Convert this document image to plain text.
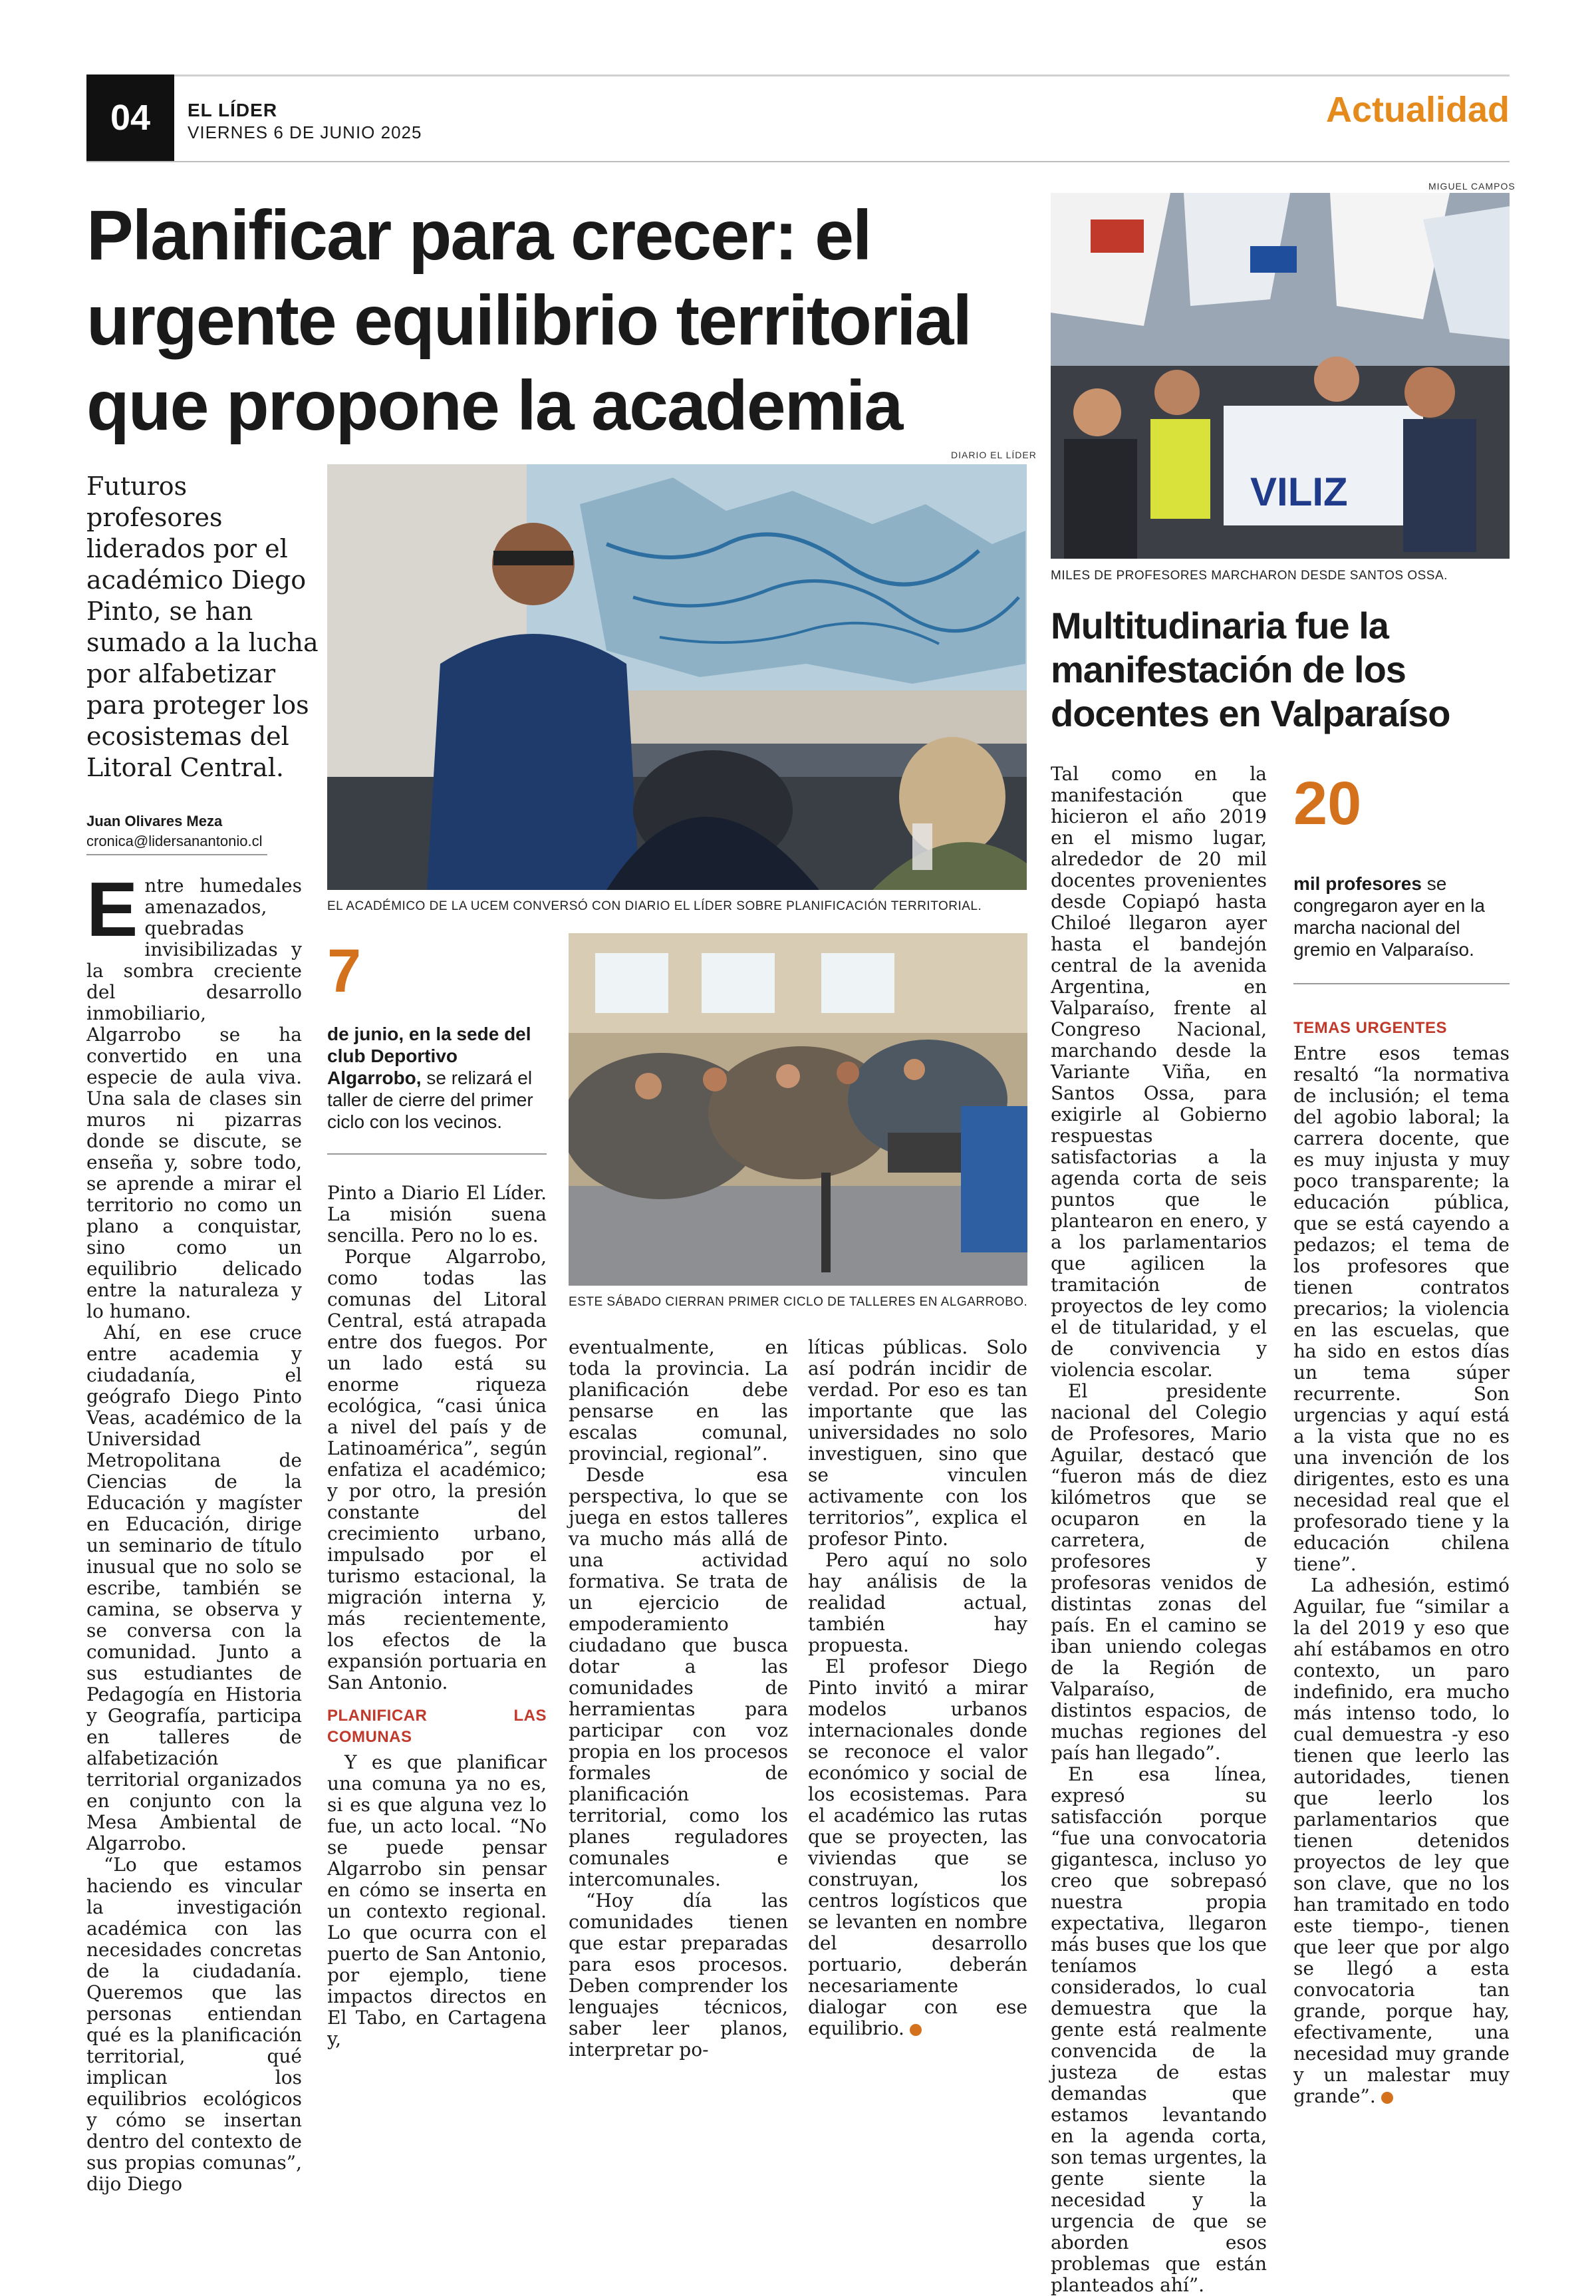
04	EL LÍDER
VIERNES 6 DE JUNIO 2025
Actualidad
Planificar para crecer: el urgente equilibrio territorial que propone la academia
Futuros profesores liderados por el académico Diego Pinto, se han sumado a la lucha por alfabetizar para proteger los ecosistemas del Litoral Central.
Juan Olivares Meza
cronica@lidersanantonio.cl
DIARIO EL LÍDER
EL ACADÉMICO DE LA UCEM CONVERSÓ CON DIARIO EL LÍDER SOBRE PLANIFICACIÓN TERRITORIAL.
7
de junio, en la sede del club Deportivo Algarrobo, se relizará el taller de cierre del primer ciclo con los vecinos.
ESTE SÁBADO CIERRAN PRIMER CICLO DE TALLERES EN ALGARROBO.

Entre humedales amenazados, quebradas invisibilizadas y la sombra creciente del desarrollo inmobiliario, Algarrobo se ha convertido en una especie de aula viva. Una sala de clases sin muros ni pizarras donde se discute, se enseña y, sobre todo, se aprende a mirar el territorio no como un plano a conquistar, sino como un equilibrio delicado entre la naturaleza y lo humano.

Ahí, en ese cruce entre academia y ciudadanía, el geógrafo Diego Pinto Veas, académico de la Universidad Metropolitana de Ciencias de la Educación y magíster en Educación, dirige un seminario de título inusual que no solo se escribe, también se camina, se observa y se conversa con la comunidad. Junto a sus estudiantes de Pedagogía en Historia y Geografía, participa en talleres de alfabetización territorial organizados en conjunto con la Mesa Ambiental de Algarrobo.

“Lo que estamos haciendo es vincular la investigación académica con las necesidades concretas de la ciudadanía. Queremos que las personas entiendan qué es la planificación territorial, qué implican los equilibrios ecológicos y cómo se insertan dentro del contexto de sus propias comunas”, dijo Diego

Pinto a Diario El Líder. La misión suena sencilla. Pero no lo es.

Porque Algarrobo, como todas las comunas del Litoral Central, está atrapada entre dos fuegos. Por un lado está su enorme riqueza ecológica, “casi única a nivel del país y de Latinoamérica”, según enfatiza el académico; y por otro, la presión constante del crecimiento urbano, impulsado por el turismo estacional, la migración interna y, más recientemente, los efectos de la expansión portuaria en San Antonio.

PLANIFICAR LAS COMUNAS

Y es que planificar una comuna ya no es, si es que alguna vez lo fue, un acto local. “No se puede pensar Algarrobo sin pensar en cómo se inserta en un contexto regional. Lo que ocurra con el puerto de San Antonio, por ejemplo, tiene impactos directos en El Tabo, en Cartagena y,

eventualmente, en toda la provincia. La planificación debe pensarse en las escalas comunal, provincial, regional”.

Desde esa perspectiva, lo que se juega en estos talleres va mucho más allá de una actividad formativa. Se trata de un ejercicio de empoderamiento ciudadano que busca dotar a las comunidades de herramientas para participar con voz propia en los procesos formales de planificación territorial, como los planes reguladores comunales e intercomunales.

“Hoy día las comunidades tienen que estar preparadas para esos procesos. Deben comprender los lenguajes técnicos, saber leer planos, interpretar po-

líticas públicas. Solo así podrán incidir de verdad. Por eso es tan importante que las universidades no solo investiguen, sino que se vinculen activamente con los territorios”, explica el profesor Pinto.

Pero aquí no solo hay análisis de la realidad actual, también hay propuesta.

El profesor Diego Pinto invitó a mirar modelos urbanos internacionales donde se reconoce el valor económico y social de los ecosistemas. Para el académico las rutas que se proyecten, las viviendas que se construyan, los centros logísticos que se levanten en nombre del desarrollo portuario, deberán necesariamente dialogar con ese equilibrio. +

MIGUEL CAMPOS
VILIZ
MILES DE PROFESORES MARCHARON DESDE SANTOS OSSA.
Multitudinaria fue la manifestación de los docentes en Valparaíso

Tal como en la manifestación que hicieron el año 2019 en el mismo lugar, alrededor de 20 mil docentes provenientes desde Copiapó hasta Chiloé llegaron ayer hasta el bandejón central de la avenida Argentina, en Valparaíso, frente al Congreso Nacional, marchando desde la Variante Viña, en Santos Ossa, para exigirle al Gobierno respuestas satisfactorias a la agenda corta de seis puntos que le plantearon en enero, y a los parlamentarios que agilicen la tramitación de proyectos de ley como el de titularidad, y el de convivencia y violencia escolar.

El presidente nacional del Colegio de Profesores, Mario Aguilar, destacó que “fueron más de diez kilómetros que se ocuparon en la carretera, de profesores y profesoras venidos de distintas zonas del país. En el camino se iban uniendo colegas de la Región de Valparaíso, de distintos espacios, de muchas regiones del país han llegado”.

En esa línea, expresó su satisfacción porque “fue una convocatoria gigantesca, incluso yo creo que sobrepasó nuestra propia expectativa, llegaron más buses que los que teníamos considerados, lo cual demuestra que la gente está realmente convencida de la justeza de estas demandas que estamos levantando en la agenda corta, son temas urgentes, la gente siente la necesidad y la urgencia de que se aborden esos problemas que están planteados ahí”.

20
mil profesores se congregaron ayer en la marcha nacional del gremio en Valparaíso.
TEMAS URGENTES

Entre esos temas resaltó “la normativa de inclusión; el tema del agobio laboral; la carrera docente, que es muy injusta y muy poco transparente; la educación pública, que se está cayendo a pedazos; el tema de los profesores que tienen contratos precarios; la violencia en las escuelas, que ha sido en estos días un tema súper recurrente. Son urgencias y aquí está a la vista que no es una invención de los dirigentes, esto es una necesidad real que el profesorado tiene y la educación chilena tiene”.

La adhesión, estimó Aguilar, fue “similar a la del 2019 y eso que ahí estábamos en otro contexto, un paro indefinido, era mucho más intenso todo, lo cual demuestra -y eso tienen que leerlo las autoridades, tienen que leerlo los parlamentarios que tienen detenidos proyectos de ley que son clave, que no los han tramitado en todo este tiempo-, tienen que leer que por algo se llegó a esta convocatoria tan grande, porque hay, efectivamente, una necesidad muy grande y un malestar muy grande”. +
